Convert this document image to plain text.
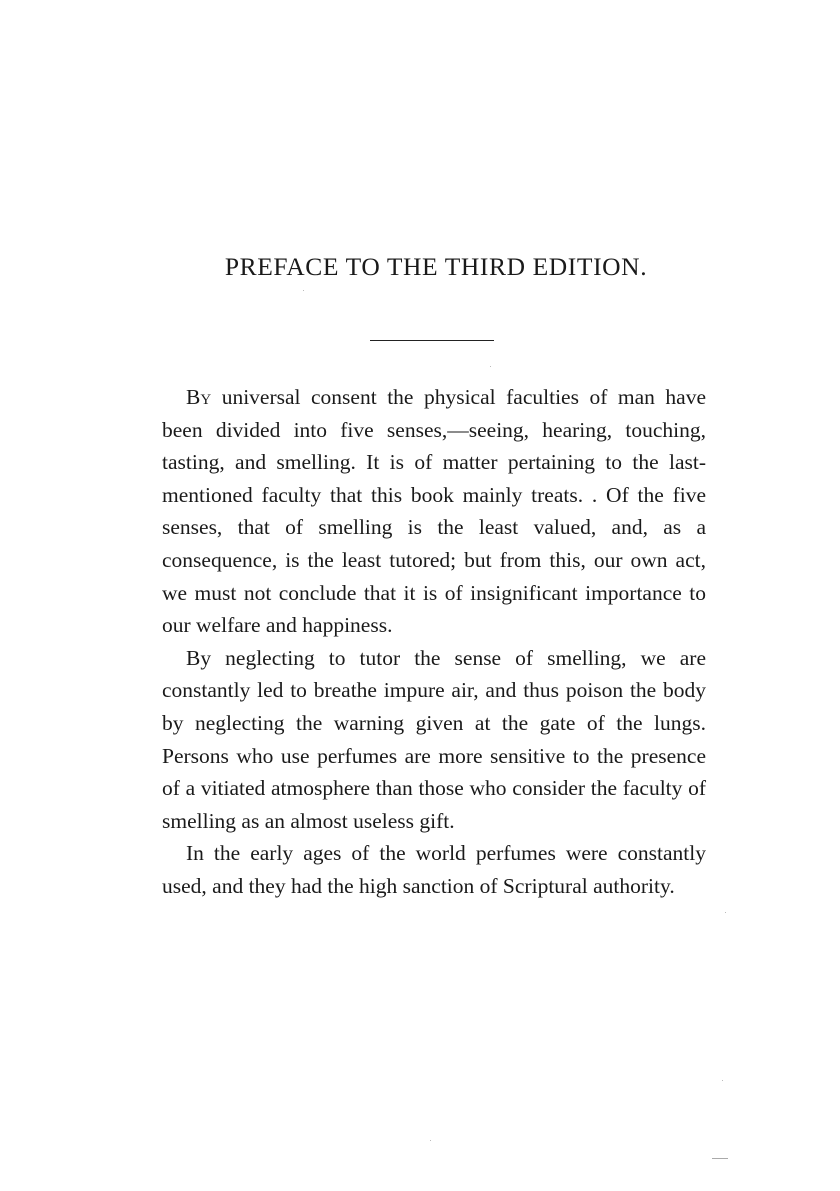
PREFACE TO THE THIRD EDITION.

By universal consent the physical faculties of man have been divided into five senses,—seeing, hearing, touching, tasting, and smelling. It is of matter pertaining to the last-mentioned faculty that this book mainly treats. . Of the five senses, that of smelling is the least valued, and, as a consequence, is the least tutored; but from this, our own act, we must not conclude that it is of insignificant importance to our welfare and happiness.

By neglecting to tutor the sense of smelling, we are constantly led to breathe impure air, and thus poison the body by neglecting the warning given at the gate of the lungs. Persons who use perfumes are more sensitive to the presence of a vitiated atmosphere than those who consider the faculty of smelling as an almost useless gift.

In the early ages of the world perfumes were constantly used, and they had the high sanction of Scriptural authority.
